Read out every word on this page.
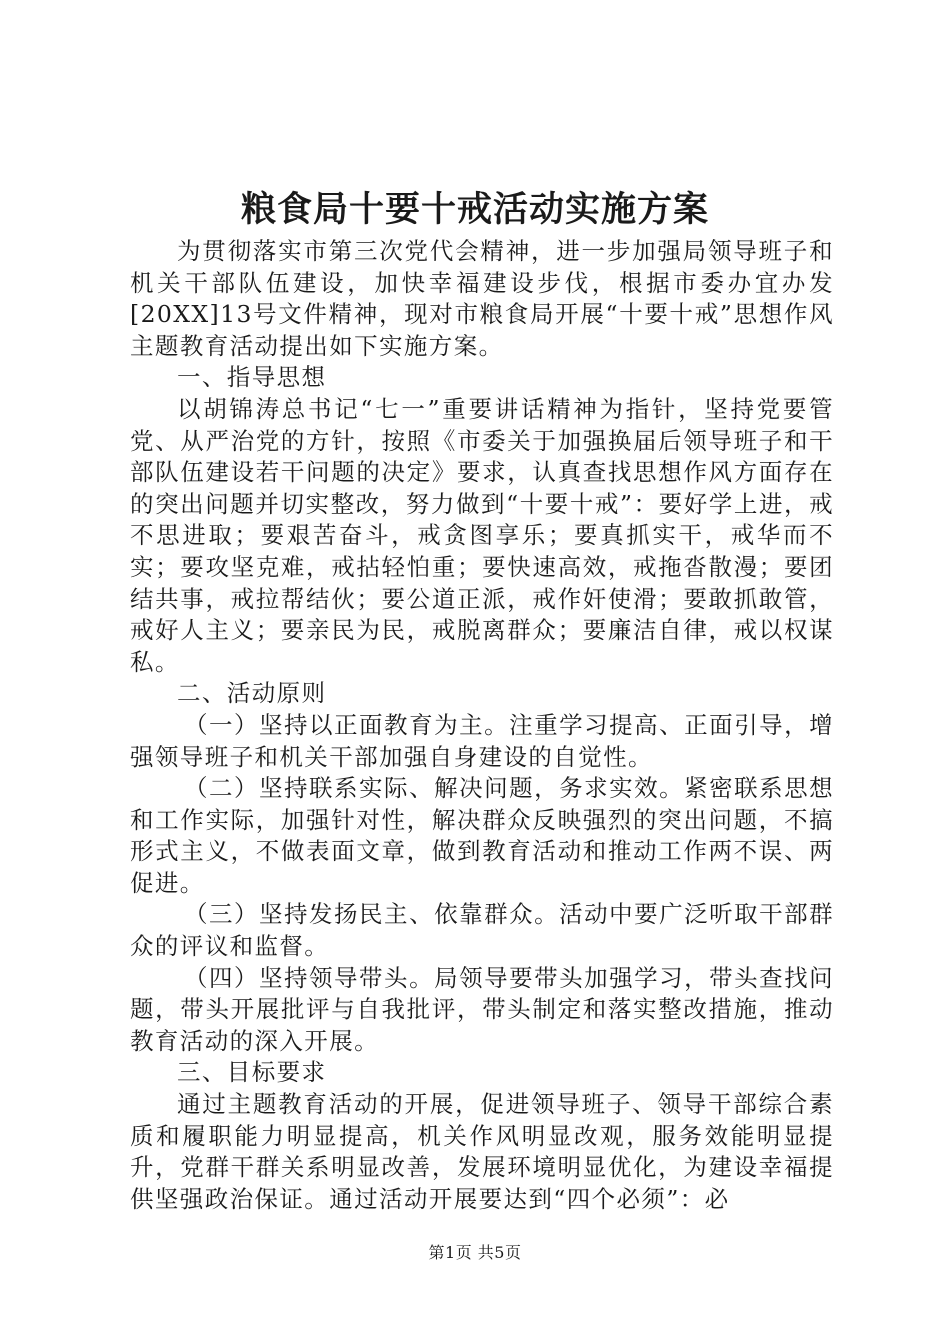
粮食局十要十戒活动实施方案

为贯彻落实市第三次党代会精神，进一步加强局领导班子和机关干部队伍建设，加快幸福建设步伐，根据市委办宜办发[20XX]13号文件精神，现对市粮食局开展“十要十戒”思想作风主题教育活动提出如下实施方案。

一、指导思想

以胡锦涛总书记“七一”重要讲话精神为指针，坚持党要管党、从严治党的方针，按照《市委关于加强换届后领导班子和干部队伍建设若干问题的决定》要求，认真查找思想作风方面存在的突出问题并切实整改，努力做到“十要十戒”：要好学上进，戒不思进取；要艰苦奋斗，戒贪图享乐；要真抓实干，戒华而不实；要攻坚克难，戒拈轻怕重；要快速高效，戒拖沓散漫；要团结共事，戒拉帮结伙；要公道正派，戒作奸使滑；要敢抓敢管，戒好人主义；要亲民为民，戒脱离群众；要廉洁自律，戒以权谋私。

二、活动原则

（一）坚持以正面教育为主。注重学习提高、正面引导，增强领导班子和机关干部加强自身建设的自觉性。

（二）坚持联系实际、解决问题，务求实效。紧密联系思想和工作实际，加强针对性，解决群众反映强烈的突出问题，不搞形式主义，不做表面文章，做到教育活动和推动工作两不误、两促进。

（三）坚持发扬民主、依靠群众。活动中要广泛听取干部群众的评议和监督。

（四）坚持领导带头。局领导要带头加强学习，带头查找问题，带头开展批评与自我批评，带头制定和落实整改措施，推动教育活动的深入开展。

三、目标要求

通过主题教育活动的开展，促进领导班子、领导干部综合素质和履职能力明显提高，机关作风明显改观，服务效能明显提升，党群干群关系明显改善，发展环境明显优化，为建设幸福提供坚强政治保证。通过活动开展要达到“四个必须”：必

第1页 共5页
